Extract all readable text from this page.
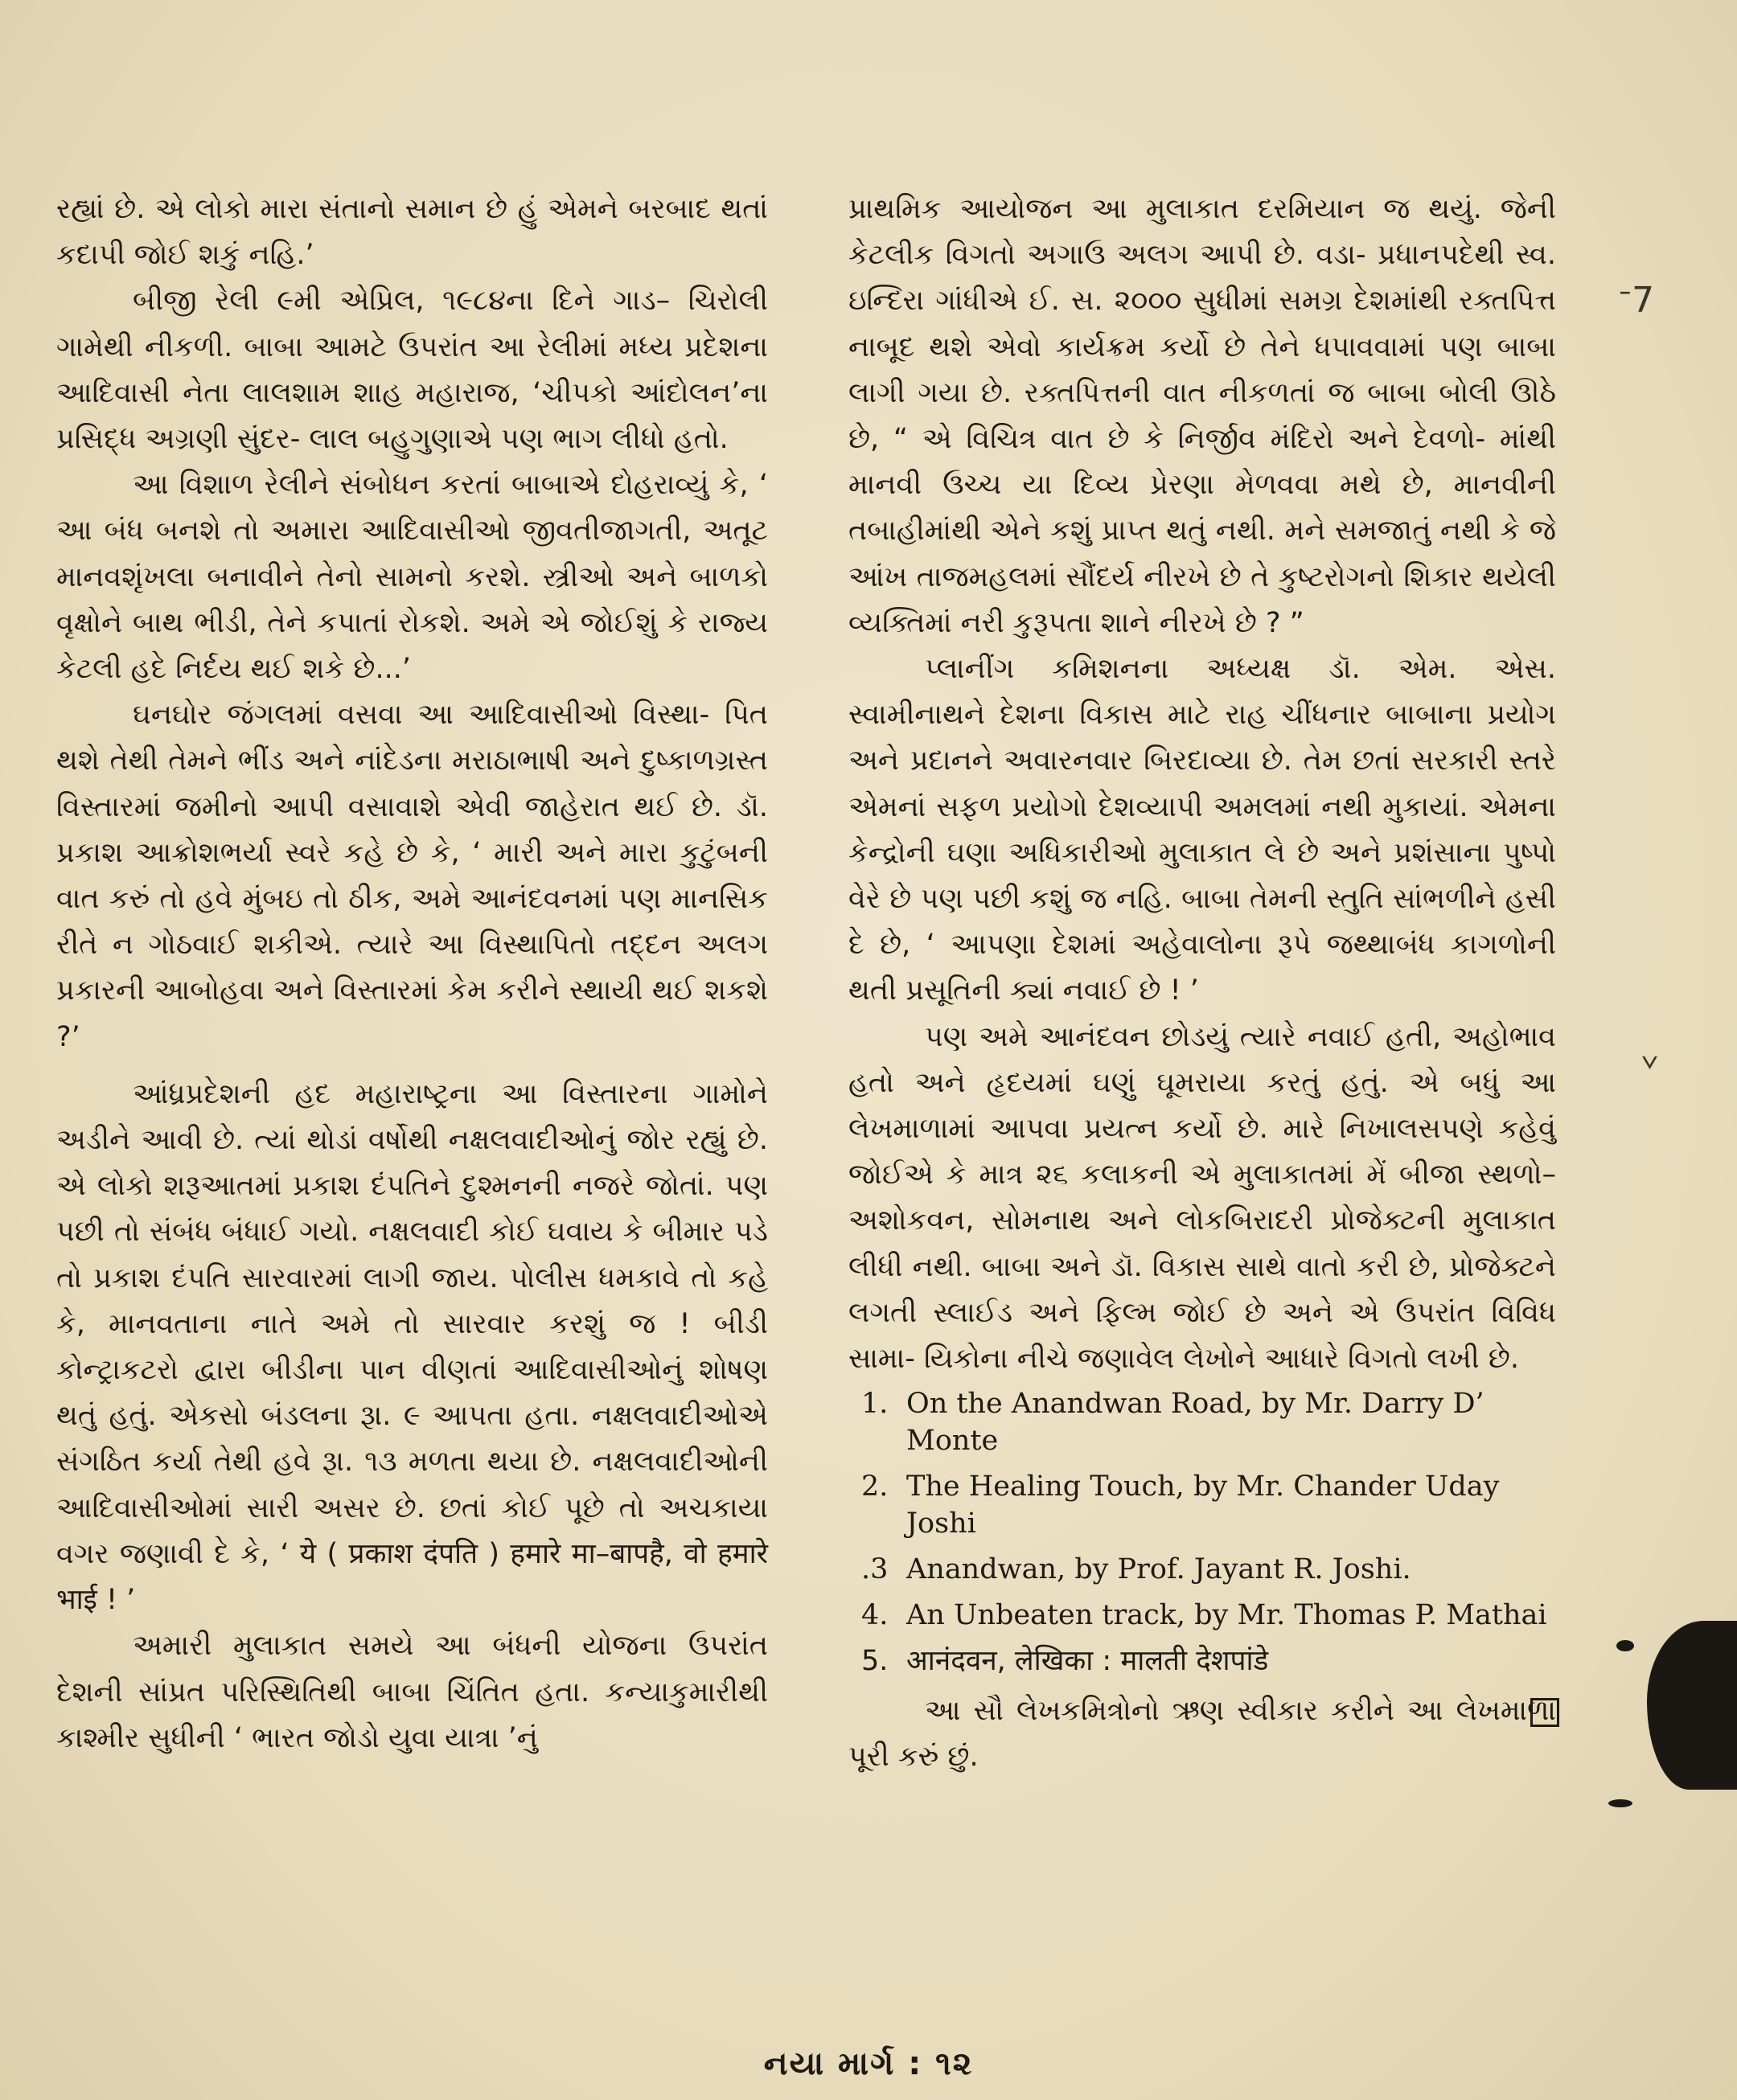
રહ્યાં છે. એ લોકો મારા સંતાનો સમાન છે હું એમને બરબાદ થતાં કદાપી જોઈ શકું નહિ.’

બીજી રેલી ૯મી એપ્રિલ, ૧૯૮૪ના દિને ગાડ– ચિરોલી ગામેથી નીકળી. બાબા આમટે ઉપરાંત આ રેલીમાં મધ્ય પ્રદેશના આદિવાસી નેતા લાલશામ શાહ મહારાજ, ‘ચીપકો આંદોલન’ના પ્રસિદ્ધ અગ્રણી સુંદર- લાલ બહુગુણાએ પણ ભાગ લીધો હતો.

આ વિશાળ રેલીને સંબોધન કરતાં બાબાએ દોહરાવ્યું કે, ‘ આ બંધ બનશે તો અમારા આદિવાસીઓ જીવતીજાગતી, અતૂટ માનવશૃંખલા બનાવીને તેનો સામનો કરશે. સ્ત્રીઓ અને બાળકો વૃક્ષોને બાથ ભીડી, તેને કપાતાં રોકશે. અમે એ જોઈશું કે રાજ્ય કેટલી હદે નિર્દય થઈ શકે છે...’

ઘનઘોર જંગલમાં વસવા આ આદિવાસીઓ વિસ્થા- પિત થશે તેથી તેમને ભીંડ અને નાંદેડના મરાઠાભાષી અને દુષ્કાળગ્રસ્ત વિસ્તારમાં જમીનો આપી વસાવાશે એવી જાહેરાત થઈ છે. ડૉ. પ્રકાશ આક્રોશભર્યા સ્વરે કહે છે કે, ‘ મારી અને મારા કુટુંબની વાત કરું તો હવે મુંબઇ તો ઠીક, અમે આનંદવનમાં પણ માનસિક રીતે ન ગોઠવાઈ શકીએ. ત્યારે આ વિસ્થાપિતો તદ્દન અલગ પ્રકારની આબોહવા અને વિસ્તારમાં કેમ કરીને સ્થાયી થઈ શકશે ?’

આંધ્રપ્રદેશની હદ મહારાષ્ટ્રના આ વિસ્તારના ગામોને અડીને આવી છે. ત્યાં થોડાં વર્ષોથી નક્ષલવાદીઓનું જોર રહ્યું છે. એ લોકો શરૂઆતમાં પ્રકાશ દંપતિને દુશ્મનની નજરે જોતાં. પણ પછી તો સંબંધ બંધાઈ ગયો. નક્ષલવાદી કોઈ ઘવાય કે બીમાર પડે તો પ્રકાશ દંપતિ સારવારમાં લાગી જાય. પોલીસ ધમકાવે તો કહે કે, માનવતાના નાતે અમે તો સારવાર કરશું જ ! બીડી કોન્ટ્રાકટરો દ્વારા બીડીના પાન વીણતાં આદિવાસીઓનું શોષણ થતું હતું. એકસો બંડલના રૂા. ૯ આપતા હતા. નક્ષલવાદીઓએ સંગઠિત કર્યા તેથી હવે રૂા. ૧૩ મળતા થયા છે. નક્ષલવાદીઓની આદિવાસીઓમાં સારી અસર છે. છતાં કોઈ પૂછે તો અચકાયા વગર જણાવી દે કે, ‘ ये ( प्रकाश दंपति ) हमारे मा–बापहै, वो हमारे भाई ! ’

અમારી મુલાકાત સમયે આ બંધની યોજના ઉપરાંત દેશની સાંપ્રત પરિસ્થિતિથી બાબા ચિંતિત હતા. કન્યાકુમારીથી કાશ્મીર સુધીની ‘ ભારત જોડો યુવા યાત્રા ’નું

પ્રાથમિક આયોજન આ મુલાકાત દરમિયાન જ થયું. જેની કેટલીક વિગતો અગાઉ અલગ આપી છે. વડા- પ્રધાનપદેથી સ્વ. ઇન્દિરા ગાંધીએ ઈ. સ. ૨૦૦૦ સુધીમાં સમગ્ર દેશમાંથી રક્તપિત્ત નાબૂદ થશે એવો કાર્યક્રમ કર્યો છે તેને ધપાવવામાં પણ બાબા લાગી ગયા છે. રક્તપિત્તની વાત નીકળતાં જ બાબા બોલી ઊઠે છે, “ એ વિચિત્ર વાત છે કે નિર્જીવ મંદિરો અને દેવળો- માંથી માનવી ઉચ્ચ યા દિવ્ય પ્રેરણા મેળવવા મથે છે, માનવીની તબાહીમાંથી એને કશું પ્રાપ્ત થતું નથી. મને સમજાતું નથી કે જે આંખ તાજમહલમાં સૌંદર્ય નીરખે છે તે કુષ્ટરોગનો શિકાર થયેલી વ્યક્તિમાં નરી કુરૂપતા શાને નીરખે છે ? ”

પ્લાનીંગ કમિશનના અધ્યક્ષ ડૉ. એમ. એસ. સ્વામીનાથને દેશના વિકાસ માટે રાહ ચીંધનાર બાબાના પ્રયોગ અને પ્રદાનને અવારનવાર બિરદાવ્યા છે. તેમ છતાં સરકારી સ્તરે એમનાં સફળ પ્રયોગો દેશવ્યાપી અમલમાં નથી મુકાયાં. એમના કેન્દ્રોની ઘણા અધિકારીઓ મુલાકાત લે છે અને પ્રશંસાના પુષ્પો વેરે છે પણ પછી કશું જ નહિ. બાબા તેમની સ્તુતિ સાંભળીને હસી દે છે, ‘ આપણા દેશમાં અહેવાલોના રૂપે જથ્થાબંધ કાગળોની થતી પ્રસૂતિની ક્યાં નવાઈ છે ! ’

પણ અમે આનંદવન છોડયું ત્યારે નવાઈ હતી, અહોભાવ હતો અને હૃદયમાં ઘણું ઘૂમરાયા કરતું હતું. એ બધું આ લેખમાળામાં આપવા પ્રયત્ન કર્યો છે. મારે નિખાલસપણે કહેવું જોઈએ કે માત્ર ૨૬ કલાકની એ મુલાકાતમાં મેં બીજા સ્થળો–અશોકવન, સોમનાથ અને લોકબિરાદરી પ્રોજેક્ટની મુલાકાત લીધી નથી. બાબા અને ડૉ. વિકાસ સાથે વાતો કરી છે, પ્રોજેક્ટને લગતી સ્લાઈડ અને ફિલ્મ જોઈ છે અને એ ઉપરાંત વિવિધ સામા- યિકોના નીચે જણાવેલ લેખોને આધારે વિગતો લખી છે.

1. On the Anandwan Road, by Mr. Darry D’ Monte
2. The Healing Touch, by Mr. Chander Uday Joshi
.3 Anandwan, by Prof. Jayant R. Joshi.
4. An Unbeaten track, by Mr. Thomas P. Mathai
5. आनंदवन, लेखिका : मालती देशपांडे

આ સૌ લેખકમિત્રોનો ઋણ સ્વીકાર કરીને આ લેખમાળા પૂરી કરું છું.

નયા માર્ગ : ૧૨
ᐨ7
ᘁ
